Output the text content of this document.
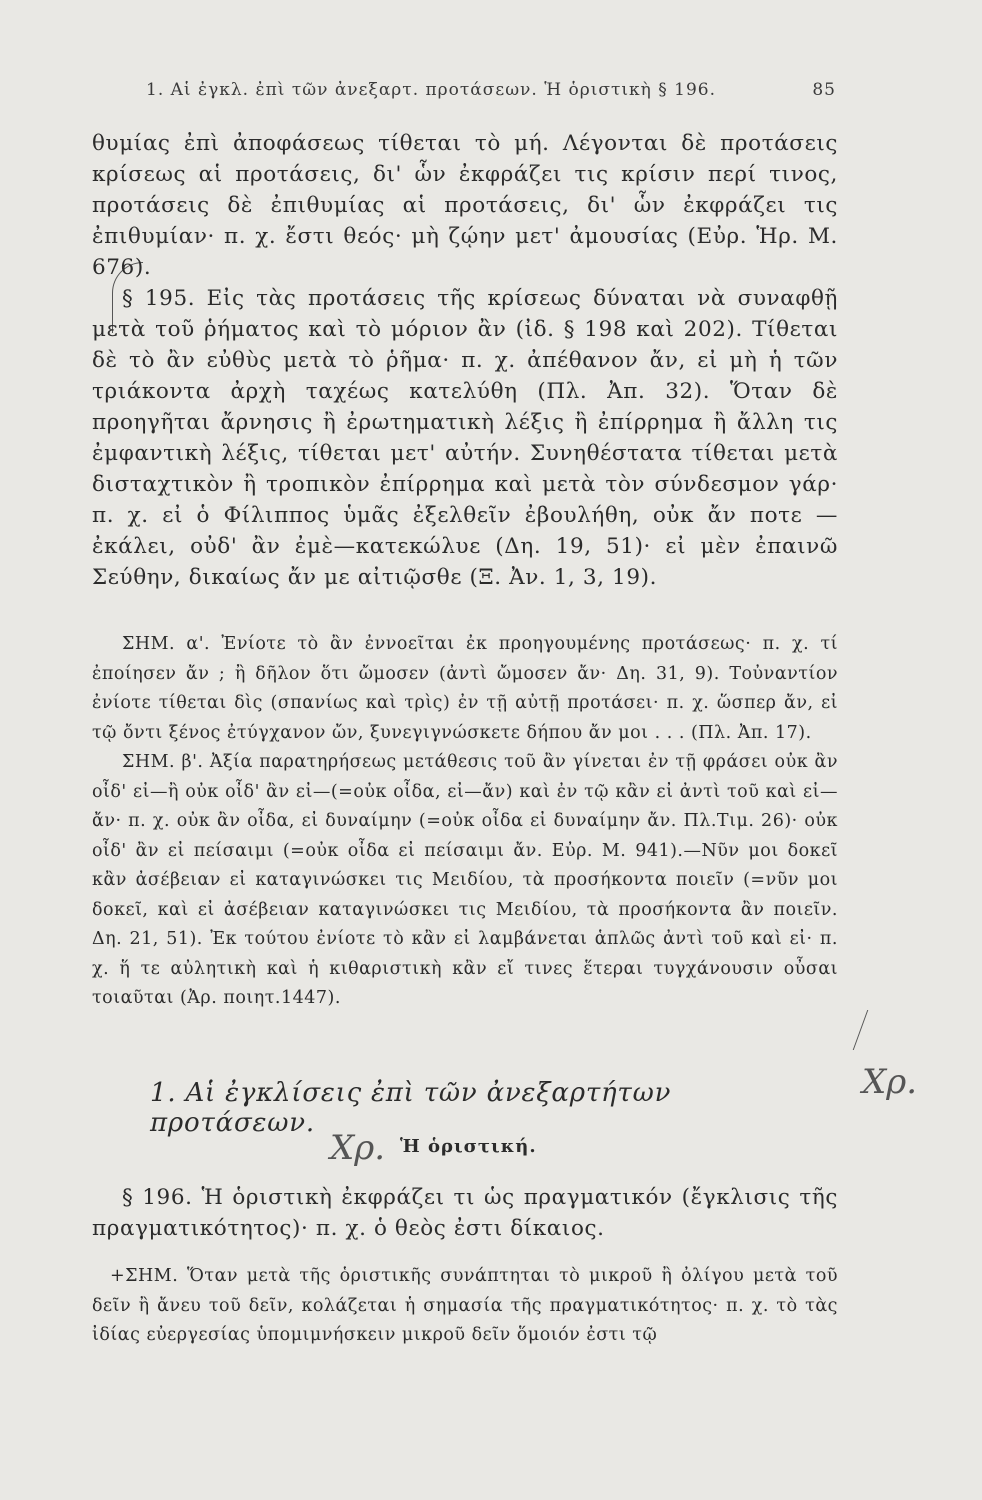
1. Αἱ ἐγκλ. ἐπὶ τῶν ἀνεξαρτ. προτάσεων. Ἡ ὁριστικὴ § 196.	85

θυμίας ἐπὶ ἀποφάσεως τίθεται τὸ μή. Λέγονται δὲ προτάσεις κρίσεως αἱ προτάσεις, δι' ὧν ἐκφράζει τις κρίσιν περί τινος, προτάσεις δὲ ἐπιθυμίας αἱ προτάσεις, δι' ὧν ἐκφράζει τις ἐπιθυμίαν· π. χ. ἔστι θεός· μὴ ζῴην μετ' ἀμουσίας (Εὐρ. Ἡρ. Μ. 676).

§ 195. Εἰς τὰς προτάσεις τῆς κρίσεως δύναται νὰ συναφθῇ μετὰ τοῦ ῥήματος καὶ τὸ μόριον ἂν (ἰδ. § 198 καὶ 202). Τίθεται δὲ τὸ ἂν εὐθὺς μετὰ τὸ ῥῆμα· π. χ. ἀπέθανον ἄν, εἰ μὴ ἡ τῶν τριάκοντα ἀρχὴ ταχέως κατελύθη (Πλ. Ἀπ. 32). Ὅταν δὲ προηγῆται ἄρνησις ἢ ἐρωτηματικὴ λέξις ἢ ἐπίρρημα ἢ ἄλλη τις ἐμφαντικὴ λέξις, τίθεται μετ' αὐτήν. Συνηθέστατα τίθεται μετὰ δισταχτικὸν ἢ τροπικὸν ἐπίρρημα καὶ μετὰ τὸν σύνδεσμον γάρ· π. χ. εἰ ὁ Φίλιππος ὑμᾶς ἐξελθεῖν ἐβουλήθη, οὐκ ἄν ποτε —ἐκάλει, οὐδ' ἂν ἐμὲ—κατεκώλυε (Δη. 19, 51)· εἰ μὲν ἐπαινῶ Σεύθην, δικαίως ἄν με αἰτιῷσθε (Ξ. Ἀν. 1, 3, 19).

ΣΗΜ. α'. Ἐνίοτε τὸ ἂν ἐννοεῖται ἐκ προηγουμένης προτάσεως· π. χ. τί ἐποίησεν ἄν ; ἢ δῆλον ὅτι ὤμοσεν (ἀντὶ ὤμοσεν ἄν· Δη. 31, 9). Τοὐναντίον ἐνίοτε τίθεται δὶς (σπανίως καὶ τρὶς) ἐν τῇ αὐτῇ προτάσει· π. χ. ὥσπερ ἄν, εἰ τῷ ὄντι ξένος ἐτύγχανον ὤν, ξυνεγιγνώσκετε δήπου ἄν μοι . . . (Πλ. Ἀπ. 17).

ΣΗΜ. β'. Ἀξία παρατηρήσεως μετάθεσις τοῦ ἂν γίνεται ἐν τῇ φράσει οὐκ ἂν οἶδ' εἰ—ἢ οὐκ οἶδ' ἂν εἰ—(=οὐκ οἶδα, εἰ—ἄν) καὶ ἐν τῷ κἂν εἰ ἀντὶ τοῦ καὶ εἰ—ἄν· π. χ. οὐκ ἂν οἶδα, εἰ δυναίμην (=οὐκ οἶδα εἰ δυναίμην ἄν. Πλ.Τιμ. 26)· οὐκ οἶδ' ἂν εἰ πείσαιμι (=οὐκ οἶδα εἰ πείσαιμι ἄν. Εὐρ. Μ. 941).—Νῦν μοι δοκεῖ κἂν ἀσέβειαν εἰ καταγινώσκει τις Μειδίου, τὰ προσήκοντα ποιεῖν (=νῦν μοι δοκεῖ, καὶ εἰ ἀσέβειαν καταγινώσκει τις Μειδίου, τὰ προσήκοντα ἂν ποιεῖν. Δη. 21, 51). Ἐκ τούτου ἐνίοτε τὸ κἂν εἰ λαμβάνεται ἁπλῶς ἀντὶ τοῦ καὶ εἰ· π. χ. ἥ τε αὐλητικὴ καὶ ἡ κιθαριστικὴ κἂν εἴ τινες ἕτεραι τυγχάνουσιν οὖσαι τοιαῦται (Ἀρ. ποιητ.1447).

Χρ.
1. Αἱ ἐγκλίσεις ἐπὶ τῶν ἀνεξαρτήτων προτάσεων.
Χρ. Ἡ ὁριστική.

§ 196. Ἡ ὁριστικὴ ἐκφράζει τι ὡς πραγματικόν (ἔγκλισις τῆς πραγματικότητος)· π. χ. ὁ θεὸς ἐστι δίκαιος.

+ΣΗΜ. Ὅταν μετὰ τῆς ὁριστικῆς συνάπτηται τὸ μικροῦ ἢ ὀλίγου μετὰ τοῦ δεῖν ἢ ἄνευ τοῦ δεῖν, κολάζεται ἡ σημασία τῆς πραγματικότητος· π. χ. τὸ τὰς ἰδίας εὐεργεσίας ὑπομιμνήσκειν μικροῦ δεῖν ὅμοιόν ἐστι τῷ
